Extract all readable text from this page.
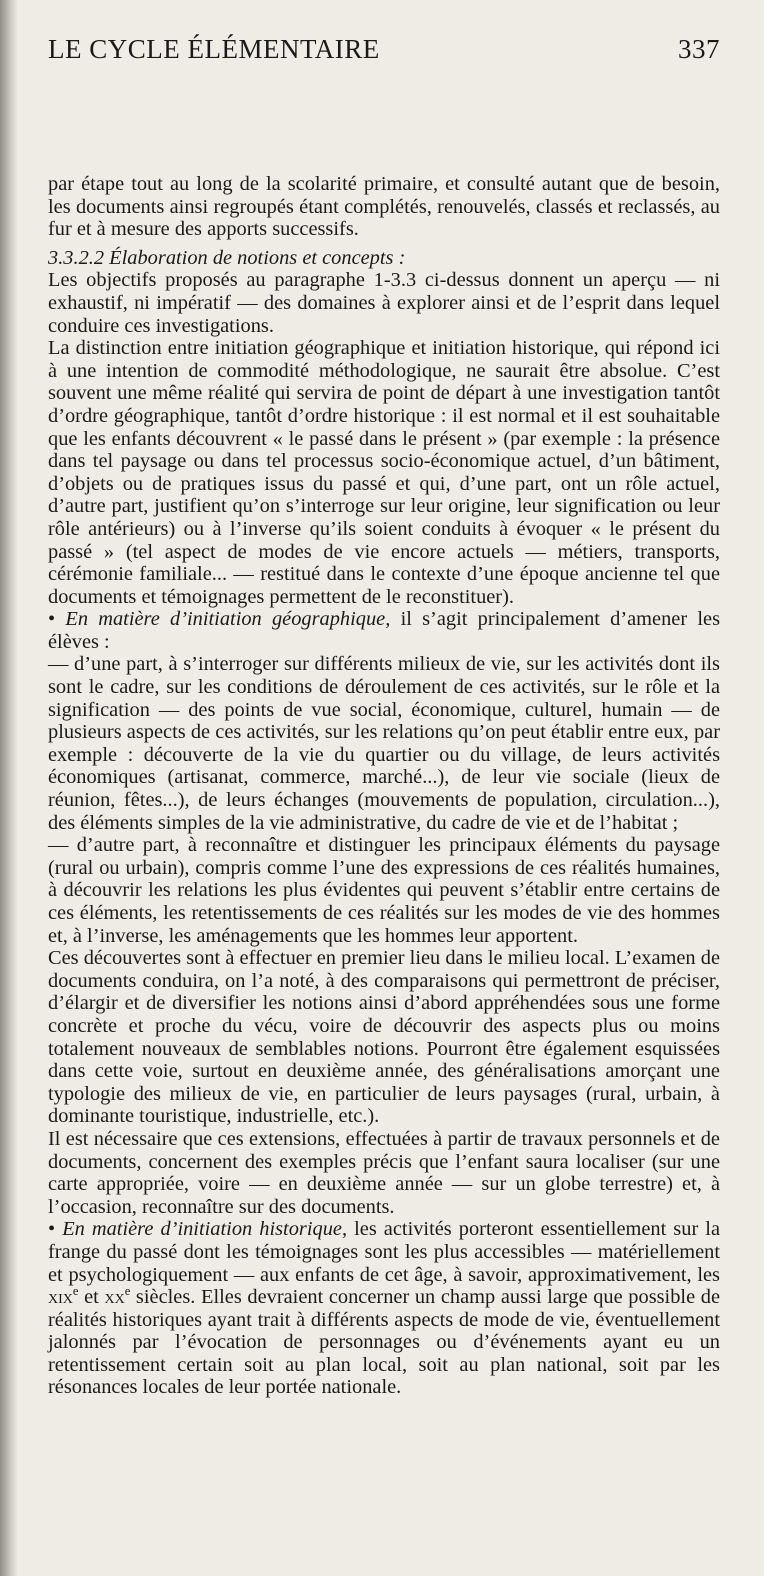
LE CYCLE ÉLÉMENTAIRE	337

par étape tout au long de la scolarité primaire, et consulté autant que de besoin, les documents ainsi regroupés étant complétés, renouvelés, classés et reclassés, au fur et à mesure des apports successifs.

3.3.2.2 Élaboration de notions et concepts :

Les objectifs proposés au paragraphe 1-3.3 ci-dessus donnent un aperçu — ni exhaustif, ni impératif — des domaines à explorer ainsi et de l’esprit dans lequel conduire ces investigations.

La distinction entre initiation géographique et initiation historique, qui répond ici à une intention de commodité méthodologique, ne saurait être absolue. C’est souvent une même réalité qui servira de point de départ à une investigation tantôt d’ordre géographique, tantôt d’ordre historique : il est normal et il est souhaitable que les enfants découvrent « le passé dans le présent » (par exemple : la présence dans tel paysage ou dans tel processus socio-économique actuel, d’un bâtiment, d’objets ou de pratiques issus du passé et qui, d’une part, ont un rôle actuel, d’autre part, justifient qu’on s’interroge sur leur origine, leur signification ou leur rôle antérieurs) ou à l’inverse qu’ils soient conduits à évoquer « le présent du passé » (tel aspect de modes de vie encore actuels — métiers, transports, cérémonie familiale... — restitué dans le contexte d’une époque ancienne tel que documents et témoignages permettent de le reconstituer).

• En matière d’initiation géographique, il s’agit principalement d’amener les élèves :

— d’une part, à s’interroger sur différents milieux de vie, sur les activités dont ils sont le cadre, sur les conditions de déroulement de ces activités, sur le rôle et la signification — des points de vue social, économique, culturel, humain — de plusieurs aspects de ces activités, sur les relations qu’on peut établir entre eux, par exemple : découverte de la vie du quartier ou du village, de leurs activités économiques (artisanat, commerce, marché...), de leur vie sociale (lieux de réunion, fêtes...), de leurs échanges (mouvements de population, circulation...), des éléments simples de la vie administrative, du cadre de vie et de l’habitat ;

— d’autre part, à reconnaître et distinguer les principaux éléments du paysage (rural ou urbain), compris comme l’une des expressions de ces réalités humaines, à découvrir les relations les plus évidentes qui peuvent s’établir entre certains de ces éléments, les retentissements de ces réalités sur les modes de vie des hommes et, à l’inverse, les aménagements que les hommes leur apportent.

Ces découvertes sont à effectuer en premier lieu dans le milieu local. L’examen de documents conduira, on l’a noté, à des comparaisons qui permettront de préciser, d’élargir et de diversifier les notions ainsi d’abord appréhendées sous une forme concrète et proche du vécu, voire de découvrir des aspects plus ou moins totalement nouveaux de semblables notions. Pourront être également esquissées dans cette voie, surtout en deuxième année, des généralisations amorçant une typologie des milieux de vie, en particulier de leurs paysages (rural, urbain, à dominante touristique, industrielle, etc.).

Il est nécessaire que ces extensions, effectuées à partir de travaux personnels et de documents, concernent des exemples précis que l’enfant saura localiser (sur une carte appropriée, voire — en deuxième année — sur un globe terrestre) et, à l’occasion, reconnaître sur des documents.

• En matière d’initiation historique, les activités porteront essentiellement sur la frange du passé dont les témoignages sont les plus accessibles — matériellement et psychologiquement — aux enfants de cet âge, à savoir, approximativement, les xix$^e$ et $xx^e$ siècles. Elles devraient concerner un champ aussi large que possible de réalités historiques ayant trait à différents aspects de mode de vie, éventuellement jalonnés par l’évocation de personnages ou d’événements ayant eu un retentissement certain soit au plan local, soit au plan national, soit par les résonances locales de leur portée nationale.
